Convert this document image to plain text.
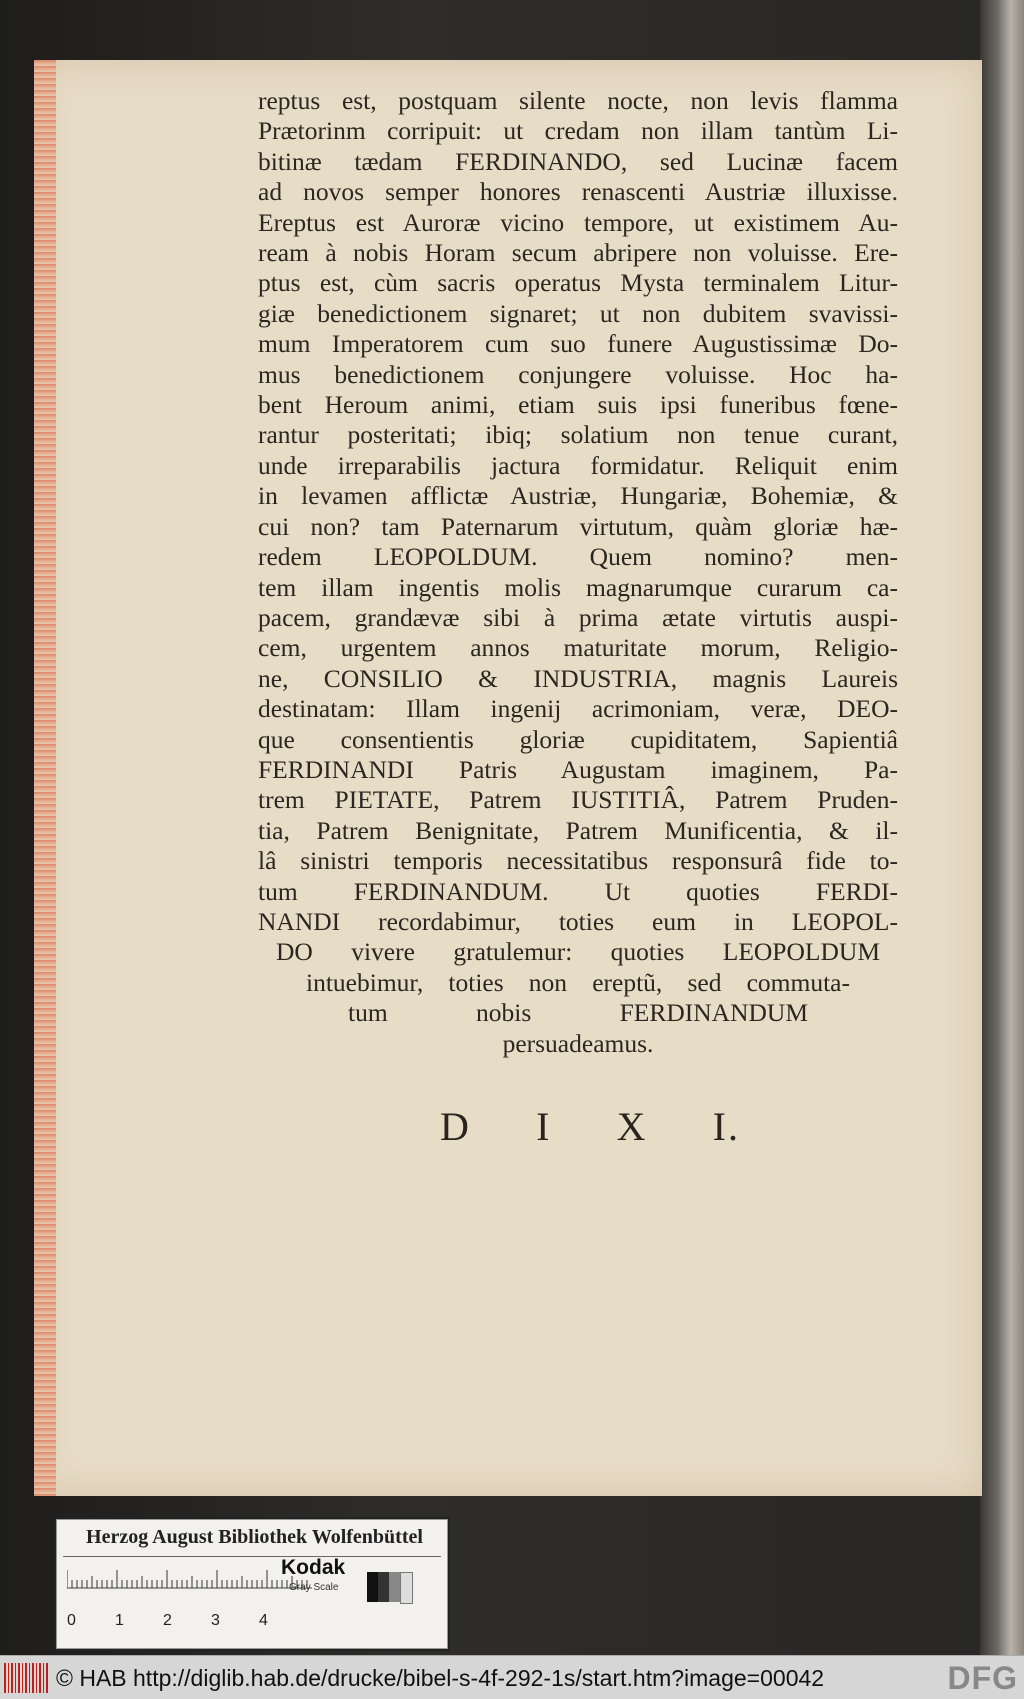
reptus est, postquam silente nocte, non levis flamma
Prætorinm corripuit: ut credam non illam tantùm Li-
bitinæ tædam FERDINANDO, sed Lucinæ facem
ad novos semper honores renascenti Austriæ illuxisse.
Ereptus est Auroræ vicino tempore, ut existimem Au-
ream à nobis Horam secum abripere non voluisse. Ere-
ptus est, cùm sacris operatus Mysta terminalem Litur-
giæ benedictionem signaret; ut non dubitem svavissi-
mum Imperatorem cum suo funere Augustissimæ Do-
mus benedictionem conjungere voluisse. Hoc ha-
bent Heroum animi, etiam suis ipsi funeribus fœne-
rantur posteritati; ibiq; solatium non tenue curant,
unde irreparabilis jactura formidatur. Reliquit enim
in levamen afflictæ Austriæ, Hungariæ, Bohemiæ, &
cui non? tam Paternarum virtutum, quàm gloriæ hæ-
redem LEOPOLDUM. Quem nomino? men-
tem illam ingentis molis magnarumque curarum ca-
pacem, grandævæ sibi à prima ætate virtutis auspi-
cem, urgentem annos maturitate morum, Religio-
ne, CONSILIO & INDUSTRIA, magnis Laureis
destinatam: Illam ingenij acrimoniam, veræ, DEO-
que consentientis gloriæ cupiditatem, Sapientiâ
FERDINANDI Patris Augustam imaginem, Pa-
trem PIETATE, Patrem IUSTITIÂ, Patrem Pruden-
tia, Patrem Benignitate, Patrem Munificentia, & il-
lâ sinistri temporis necessitatibus responsurâ fide to-
tum FERDINANDUM. Ut quoties FERDI-
NANDI recordabimur, toties eum in LEOPOL-
DO vivere gratulemur: quoties LEOPOLDUM
intuebimur, toties non ereptũ, sed commuta-
tum nobis FERDINANDUM
persuadeamus.
D I X I.
Herzog August Bibliothek Wolfenbüttel
0 1 2 3 4
Kodak
Gray Scale
© HAB http://diglib.hab.de/drucke/bibel-s-4f-292-1s/start.htm?image=00042	DFG
